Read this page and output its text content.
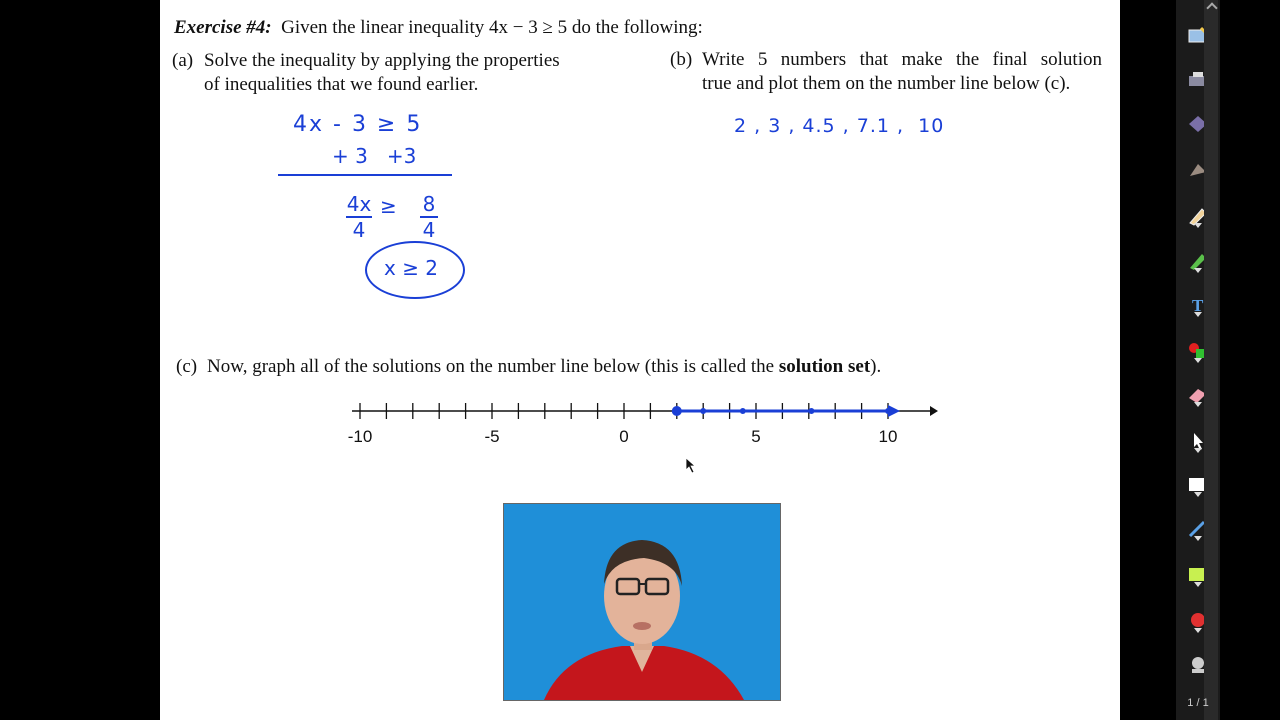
Exercise #4: Given the linear inequality 4x − 3 ≥ 5 do the following:
(a) Solve the inequality by applying the properties
of inequalities that we found earlier.
(b) Write 5 numbers that make the final solution
true and plot them on the number line below (c).
4x - 3 ≥ 5
+ 3   +3
4x
4
≥ 8
4
x ≥ 2
2 , 3 , 4.5 , 7.1 ,  10
(c) Now, graph all of the solutions on the number line below (this is called the solution set).
-10	-5	0	5	10
T
1 / 1
